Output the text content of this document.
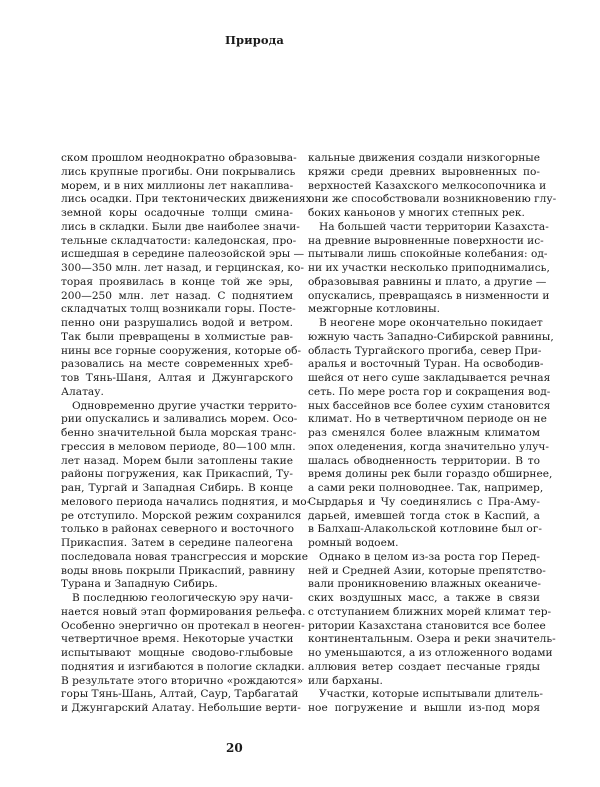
Природа
ском прошлом неоднократно образовыва-
лись крупные прогибы. Они покрывались
морем, и в них миллионы лет накаплива-
лись осадки. При тектонических движениях
земной коры осадочные толщи смина-
лись в складки. Были две наиболее значи-
тельные складчатости: каледонская, про-
исшедшая в середине палеозойской эры —
300—350 млн. лет назад, и герцинская, ко-
торая проявилась в конце той же эры,
200—250 млн. лет назад. С поднятием
складчатых толщ возникали горы. Посте-
пенно они разрушались водой и ветром.
Так были превращены в холмистые рав-
нины все горные сооружения, которые об-
разовались на месте современных хреб-
тов Тянь-Шаня, Алтая и Джунгарского
Алатау.
Одновременно другие участки террито-
рии опускались и заливались морем. Осо-
бенно значительной была морская транс-
грессия в меловом периоде, 80—100 млн.
лет назад. Морем были затоплены такие
районы погружения, как Прикаспий, Ту-
ран, Тургай и Западная Сибирь. В конце
мелового периода начались поднятия, и мо-
ре отступило. Морской режим сохранился
только в районах северного и восточного
Прикаспия. Затем в середине палеогена
последовала новая трансгрессия и морские
воды вновь покрыли Прикаспий, равнину
Турана и Западную Сибирь.
В последнюю геологическую эру начи-
нается новый этап формирования рельефа.
Особенно энергично он протекал в неоген-
четвертичное время. Некоторые участки
испытывают мощные сводово-глыбовые
поднятия и изгибаются в пологие складки.
В результате этого вторично «рождаются»
горы Тянь-Шань, Алтай, Саур, Тарбагатай
и Джунгарский Алатау. Небольшие верти-
кальные движения создали низкогорные
кряжи среди древних выровненных по-
верхностей Казахского мелкосопочника и
они же способствовали возникновению глу-
боких каньонов у многих степных рек.
На большей части территории Казахста-
на древние выровненные поверхности ис-
пытывали лишь спокойные колебания: од-
ни их участки несколько приподнимались,
образовывая равнины и плато, а другие —
опускались, превращаясь в низменности и
межгорные котловины.
В неогене море окончательно покидает
южную часть Западно-Сибирской равнины,
область Тургайского прогиба, север При-
аралья и восточный Туран. На освободив-
шейся от него суше закладывается речная
сеть. По мере роста гор и сокращения вод-
ных бассейнов все более сухим становится
климат. Но в четвертичном периоде он не
раз сменялся более влажным климатом
эпох оледенения, когда значительно улуч-
шалась обводненность территории. В то
время долины рек были гораздо обширнее,
а сами реки полноводнее. Так, например,
Сырдарья и Чу соединялись с Пра-Аму-
дарьей, имевшей тогда сток в Каспий, а
в Балхаш-Алакольской котловине был ог-
ромный водоем.
Однако в целом из-за роста гор Перед-
ней и Средней Азии, которые препятство-
вали проникновению влажных океаниче-
ских воздушных масс, а также в связи
с отступанием ближних морей климат тер-
ритории Казахстана становится все более
континентальным. Озера и реки значитель-
но уменьшаются, а из отложенного водами
аллювия ветер создает песчаные гряды
или барханы.
Участки, которые испытывали длитель-
ное погружение и вышли из-под моря
20
